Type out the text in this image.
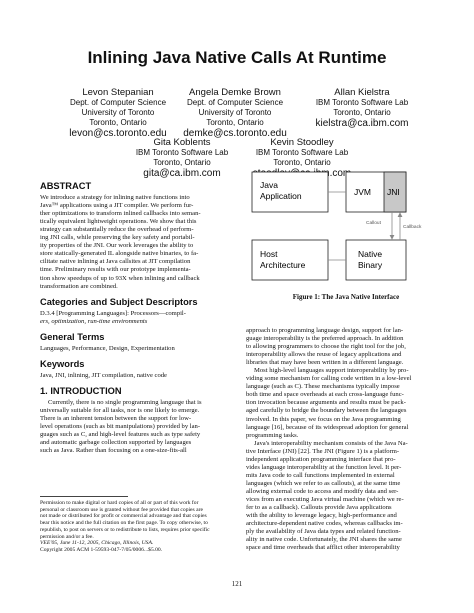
Inlining Java Native Calls At Runtime
Levon Stepanian
Dept. of Computer Science
University of Toronto
Toronto, Ontario
levon@cs.toronto.edu
Angela Demke Brown
Dept. of Computer Science
University of Toronto
Toronto, Ontario
demke@cs.toronto.edu
Allan Kielstra
IBM Toronto Software Lab
Toronto, Ontario
kielstra@ca.ibm.com
Gita Koblents
IBM Toronto Software Lab
Toronto, Ontario
gita@ca.ibm.com
Kevin Stoodley
IBM Toronto Software Lab
Toronto, Ontario
ABSTRACT

We introduce a strategy for inlining native functions into

Java™ applications using a JIT compiler. We perform fur-

ther optimizations to transform inlined callbacks into seman-

tically equivalent lightweight operations. We show that this

strategy can substantially reduce the overhead of perform-

ing JNI calls, while preserving the key safety and portabil-

ity properties of the JNI. Our work leverages the ability to

store statically-generated IL alongside native binaries, to fa-

cilitate native inlining at Java callsites at JIT compilation

time. Preliminary results with our prototype implementa-

tion show speedups of up to 93X when inlining and callback

transformation are combined.

Categories and Subject Descriptors

D.3.4 [Programming Languages]: Processors—compil-

ers, optimization, run-time environments

General Terms

Languages, Performance, Design, Experimentation

Keywords

Java, JNI, inlining, JIT compilation, native code

1. INTRODUCTION

Currently, there is no single programming language that is

universally suitable for all tasks, nor is one likely to emerge.

There is an inherent tension between the support for low-

level operations (such as bit manipulations) provided by lan-

guages such as C, and high-level features such as type safety

and automatic garbage collection supported by languages

such as Java. Rather than focusing on a one-size-fits-all

Permission to make digital or hard copies of all or part of this work for
personal or classroom use is granted without fee provided that copies are
not made or distributed for profit or commercial advantage and that copies
bear this notice and the full citation on the first page. To copy otherwise, to
republish, to post on servers or to redistribute to lists, requires prior specific
permission and/or a fee.
VEE'05, June 11-12, 2005, Chicago, Illinois, USA.
Copyright 2005 ACM 1-59593-047-7/05/0006...$5.00.
Java
Application	JVM JNI
Host
Architecture
Native
Binary
Callout
Callback
Figure 1: The Java Native Interface

approach to programming language design, support for lan-

guage interoperability is the preferred approach. In addition

to allowing programmers to choose the right tool for the job,

interoperability allows the reuse of legacy applications and

libraries that may have been written in a different language.

Most high-level languages support interoperability by pro-

viding some mechanism for calling code written in a low-level

language (such as C). These mechanisms typically impose

both time and space overheads at each cross-language func-

tion invocation because arguments and results must be pack-

aged carefully to bridge the boundary between the languages

involved. In this paper, we focus on the Java programming

language [16], because of its widespread adoption for general

programming tasks.

Java's interoperability mechanism consists of the Java Na-

tive Interface (JNI) [22]. The JNI (Figure 1) is a platform-

independent application programming interface that pro-

vides language interoperability at the function level. It per-

mits Java code to call functions implemented in external

languages (which we refer to as callouts), at the same time

allowing external code to access and modify data and ser-

vices from an executing Java virtual machine (which we re-

fer to as a callback). Callouts provide Java applications

with the ability to leverage legacy, high-performance and

architecture-dependent native codes, whereas callbacks im-

ply the availability of Java data types and related function-

ality in native code. Unfortunately, the JNI shares the same

space and time overheads that afflict other interoperability

121
